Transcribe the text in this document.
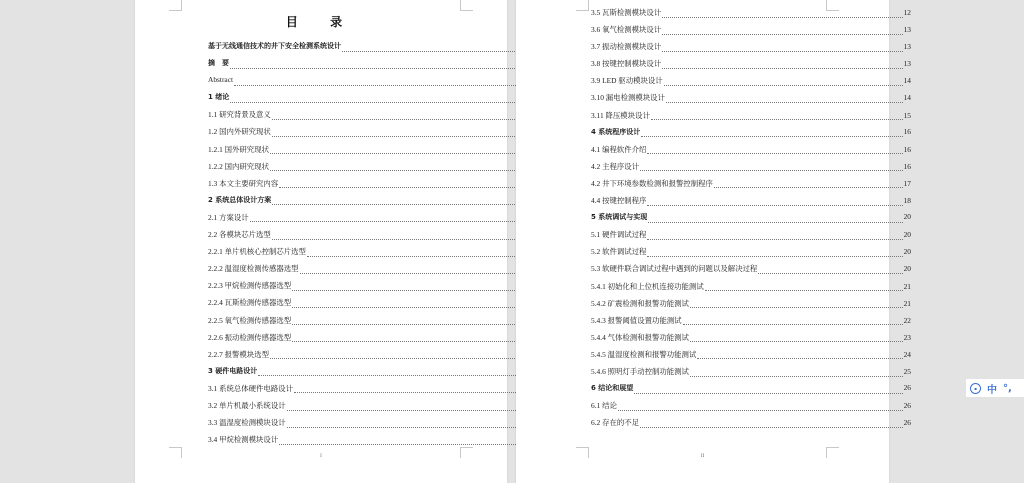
目 录
基于无线通信技术的井下安全检测系统设计
摘　要
Abstract
1 绪论
1.1 研究背景及意义
1.2 国内外研究现状
1.2.1 国外研究现状
1.2.2 国内研究现状
1.3 本文主要研究内容
2 系统总体设计方案
2.1 方案设计
2.2 各模块芯片选型
2.2.1 单片机核心控制芯片选型
2.2.2 温湿度检测传感器选型
2.2.3 甲烷检测传感器选型
2.2.4 瓦斯检测传感器选型
2.2.5 氧气检测传感器选型
2.2.6 振动检测传感器选型
2.2.7 报警模块选型
3 硬件电路设计
3.1 系统总体硬件电路设计
3.2 单片机最小系统设计
3.3 温湿度检测模块设计
3.4 甲烷检测模块设计
I
3.5 瓦斯检测模块设计	12
3.6 氧气检测模块设计	13
3.7 振动检测模块设计	13
3.8 按键控制模块设计	13
3.9 LED 驱动模块设计	14
3.10 漏电检测模块设计	14
3.11 降压模块设计	15
4 系统程序设计	16
4.1 编程软件介绍	16
4.2 主程序设计	16
4.2 井下环境参数检测和报警控制程序	17
4.4 按键控制程序	18
5 系统调试与实现	20
5.1 硬件调试过程	20
5.2 软件调试过程	20
5.3 软硬件联合调试过程中遇到的问题以及解决过程	20
5.4.1 初始化和上位机连接功能测试	21
5.4.2 矿震检测和报警功能测试	21
5.4.3 报警阈值设置功能测试	22
5.4.4 气体检测和报警功能测试	23
5.4.5 温湿度检测和报警功能测试	24
5.4.6 照明灯手动控制功能测试	25
6 结论和展望	26
6.1 结论	26
6.2 存在的不足	26
II
▪	中 °,
